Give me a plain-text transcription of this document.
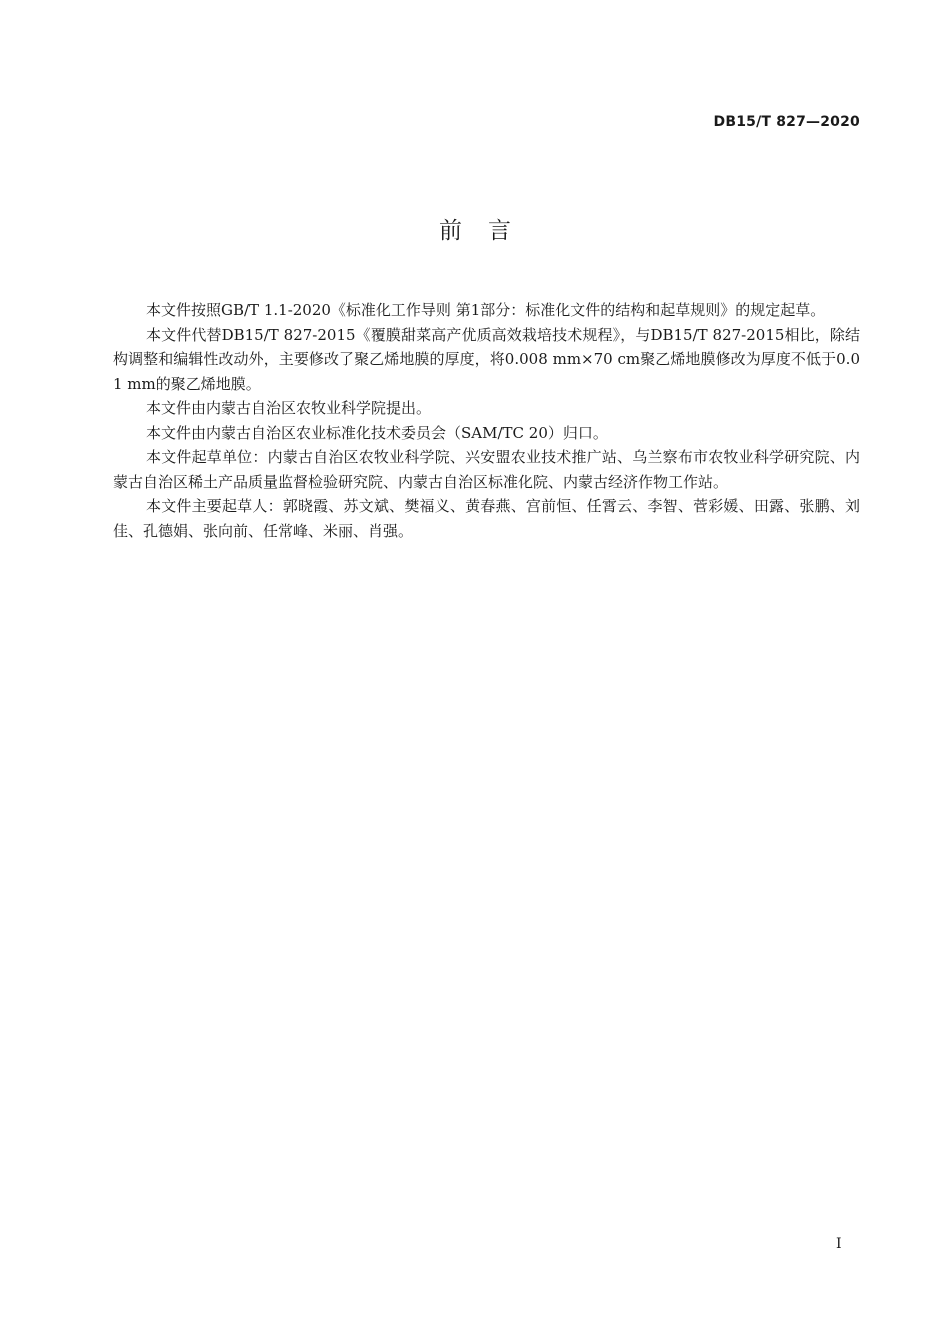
DB15/T 827—2020
前言

本文件按照GB/T 1.1-2020《标准化工作导则 第1部分：标准化文件的结构和起草规则》的规定起草。

本文件代替DB15/T 827-2015《覆膜甜菜高产优质高效栽培技术规程》，与DB15/T 827-2015相比，除结构调整和编辑性改动外，主要修改了聚乙烯地膜的厚度，将0.008 mm×70 cm聚乙烯地膜修改为厚度不低于0.01 mm的聚乙烯地膜。

本文件由内蒙古自治区农牧业科学院提出。

本文件由内蒙古自治区农业标准化技术委员会（SAM/TC 20）归口。

本文件起草单位：内蒙古自治区农牧业科学院、兴安盟农业技术推广站、乌兰察布市农牧业科学研究院、内蒙古自治区稀土产品质量监督检验研究院、内蒙古自治区标准化院、内蒙古经济作物工作站。

本文件主要起草人：郭晓霞、苏文斌、樊福义、黄春燕、宫前恒、任霄云、李智、菅彩媛、田露、张鹏、刘佳、孔德娟、张向前、任常峰、米丽、肖强。

I
